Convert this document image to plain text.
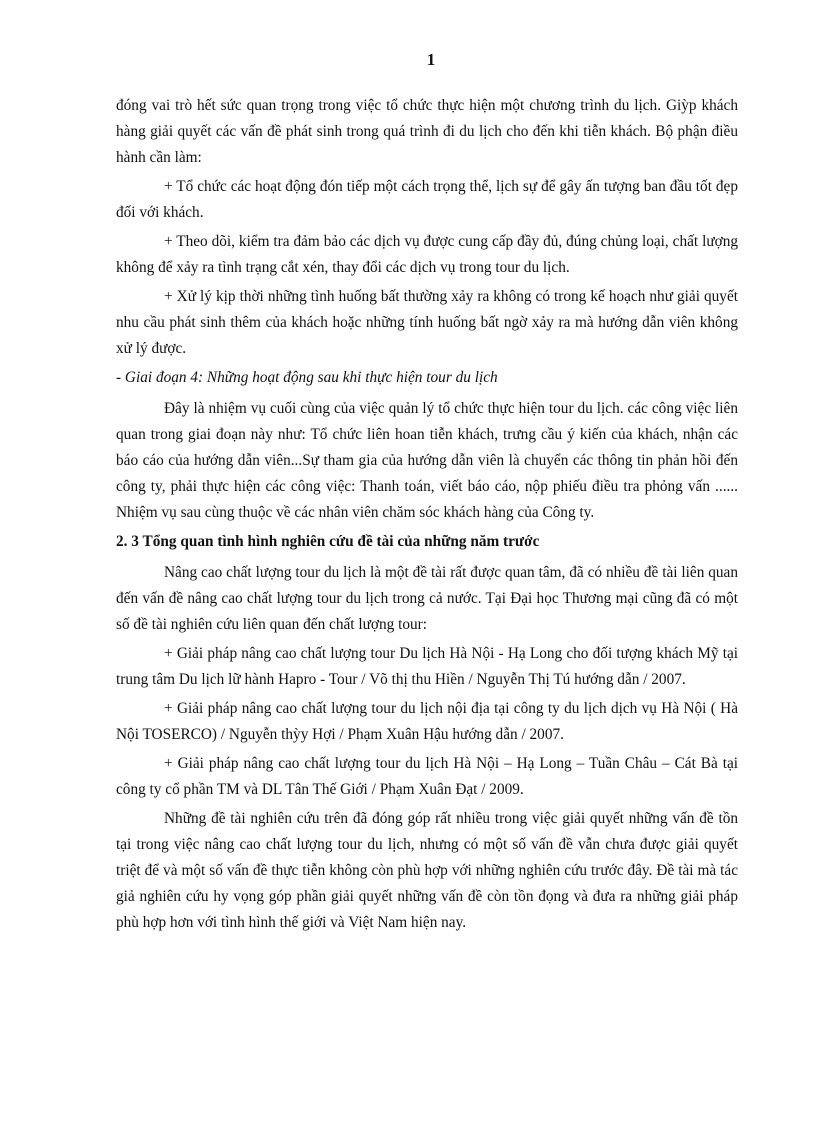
1

đóng vai trò hết sức quan trọng trong việc tổ chức thực hiện một chương trình du lịch. Giỳp khách hàng giải quyết các vấn đề phát sinh trong quá trình đi du lịch cho đến khi tiễn khách. Bộ phận điều hành cần làm:

+ Tổ chức các hoạt động đón tiếp một cách trọng thể, lịch sự để gây ấn tượng ban đầu tốt đẹp đối với khách.

+ Theo dõi, kiểm tra đảm bảo các dịch vụ được cung cấp đầy đủ, đúng chủng loại, chất lượng không để xảy ra tình trạng cắt xén, thay đổi các dịch vụ trong tour du lịch.

+ Xử lý kịp thời những tình huống bất thường xảy ra không có trong kế hoạch như giải quyết nhu cầu phát sinh thêm của khách hoặc những tính huống bất ngờ xảy ra mà hướng dẫn viên không xử lý được.

- Giai đoạn 4: Những hoạt động sau khi thực hiện tour du lịch

Đây là nhiệm vụ cuối cùng của việc quản lý tổ chức thực hiện tour du lịch. các công việc liên quan trong giai đoạn này như: Tổ chức liên hoan tiễn khách, trưng cầu ý kiến của khách, nhận các báo cáo của hướng dẫn viên...Sự tham gia của hướng dẫn viên là chuyển các thông tin phản hồi đến công ty, phải thực hiện các công việc: Thanh toán, viết báo cáo, nộp phiếu điều tra phỏng vấn ...... Nhiệm vụ sau cùng thuộc về các nhân viên chăm sóc khách hàng của Công ty.

2. 3 Tổng quan tình hình nghiên cứu đề tài của những năm trước

Nâng cao chất lượng tour du lịch là một đề tài rất được quan tâm, đã có nhiều đề tài liên quan đến vấn đề nâng cao chất lượng tour du lịch trong cả nước. Tại Đại học Thương mại cũng đã có một số đề tài nghiên cứu liên quan đến chất lượng tour:

+ Giải pháp nâng cao chất lượng tour Du lịch Hà Nội - Hạ Long cho đối tượng khách Mỹ tại trung tâm Du lịch lữ hành Hapro - Tour / Võ thị thu Hiền / Nguyễn Thị Tú hướng dẫn / 2007.

+ Giải pháp nâng cao chất lượng tour du lịch nội địa tại công ty du lịch dịch vụ Hà Nội ( Hà Nội TOSERCO) / Nguyễn thỳy Hợi / Phạm Xuân Hậu hướng dẫn / 2007.

+ Giải pháp nâng cao chất lượng tour du lịch Hà Nội – Hạ Long – Tuần Châu – Cát Bà tại công ty cổ phần TM và DL Tân Thế Giới / Phạm Xuân Đạt / 2009.

Những đề tài nghiên cứu trên đã đóng góp rất nhiều trong việc giải quyết những vấn đề tồn tại trong việc nâng cao chất lượng tour du lịch, nhưng có một số vấn đề vẫn chưa được giải quyết triệt để và một số vấn đề thực tiễn không còn phù hợp với những nghiên cứu trước đây. Đề tài mà tác giả nghiên cứu hy vọng góp phần giải quyết những vấn đề còn tồn đọng và đưa ra những giải pháp phù hợp hơn với tình hình thế giới và Việt Nam hiện nay.
